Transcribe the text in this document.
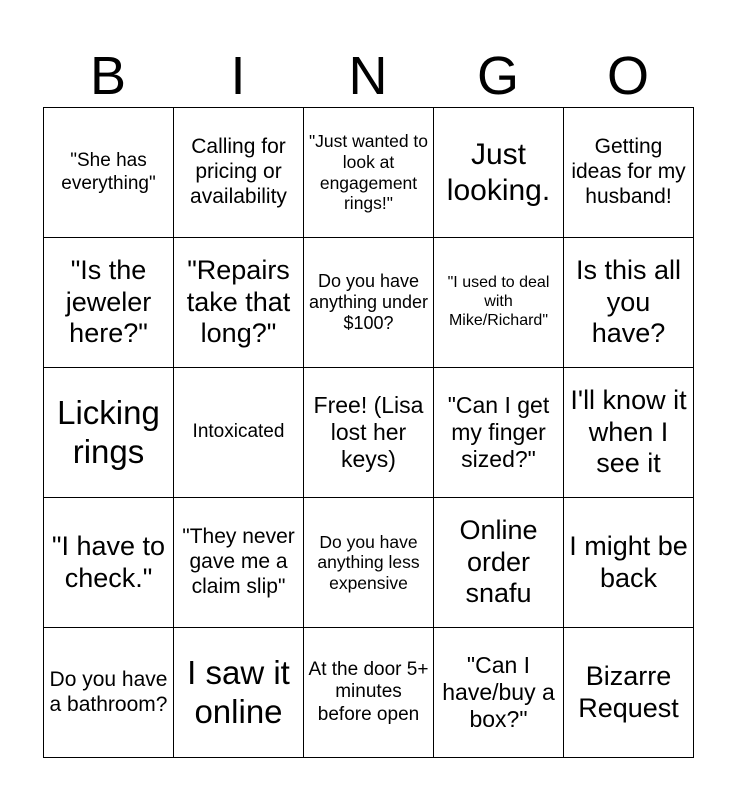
B	I	N	G	O
"She has everything"	Calling for pricing or availability	"Just wanted to look at engagement rings!"	Just looking.	Getting ideas for my husband!
"Is the jeweler here?"	"Repairs take that long?"	Do you have anything under $100?	"I used to deal with Mike/Richard"	Is this all you have?
Licking rings	Intoxicated	Free! (Lisa lost her keys)	"Can I get my finger sized?"	I'll know it when I see it
"I have to check."	"They never gave me a claim slip"	Do you have anything less expensive	Online order snafu	I might be back
Do you have a bathroom?	I saw it online	At the door 5+ minutes before open	"Can I have/buy a box?"	Bizarre Request
